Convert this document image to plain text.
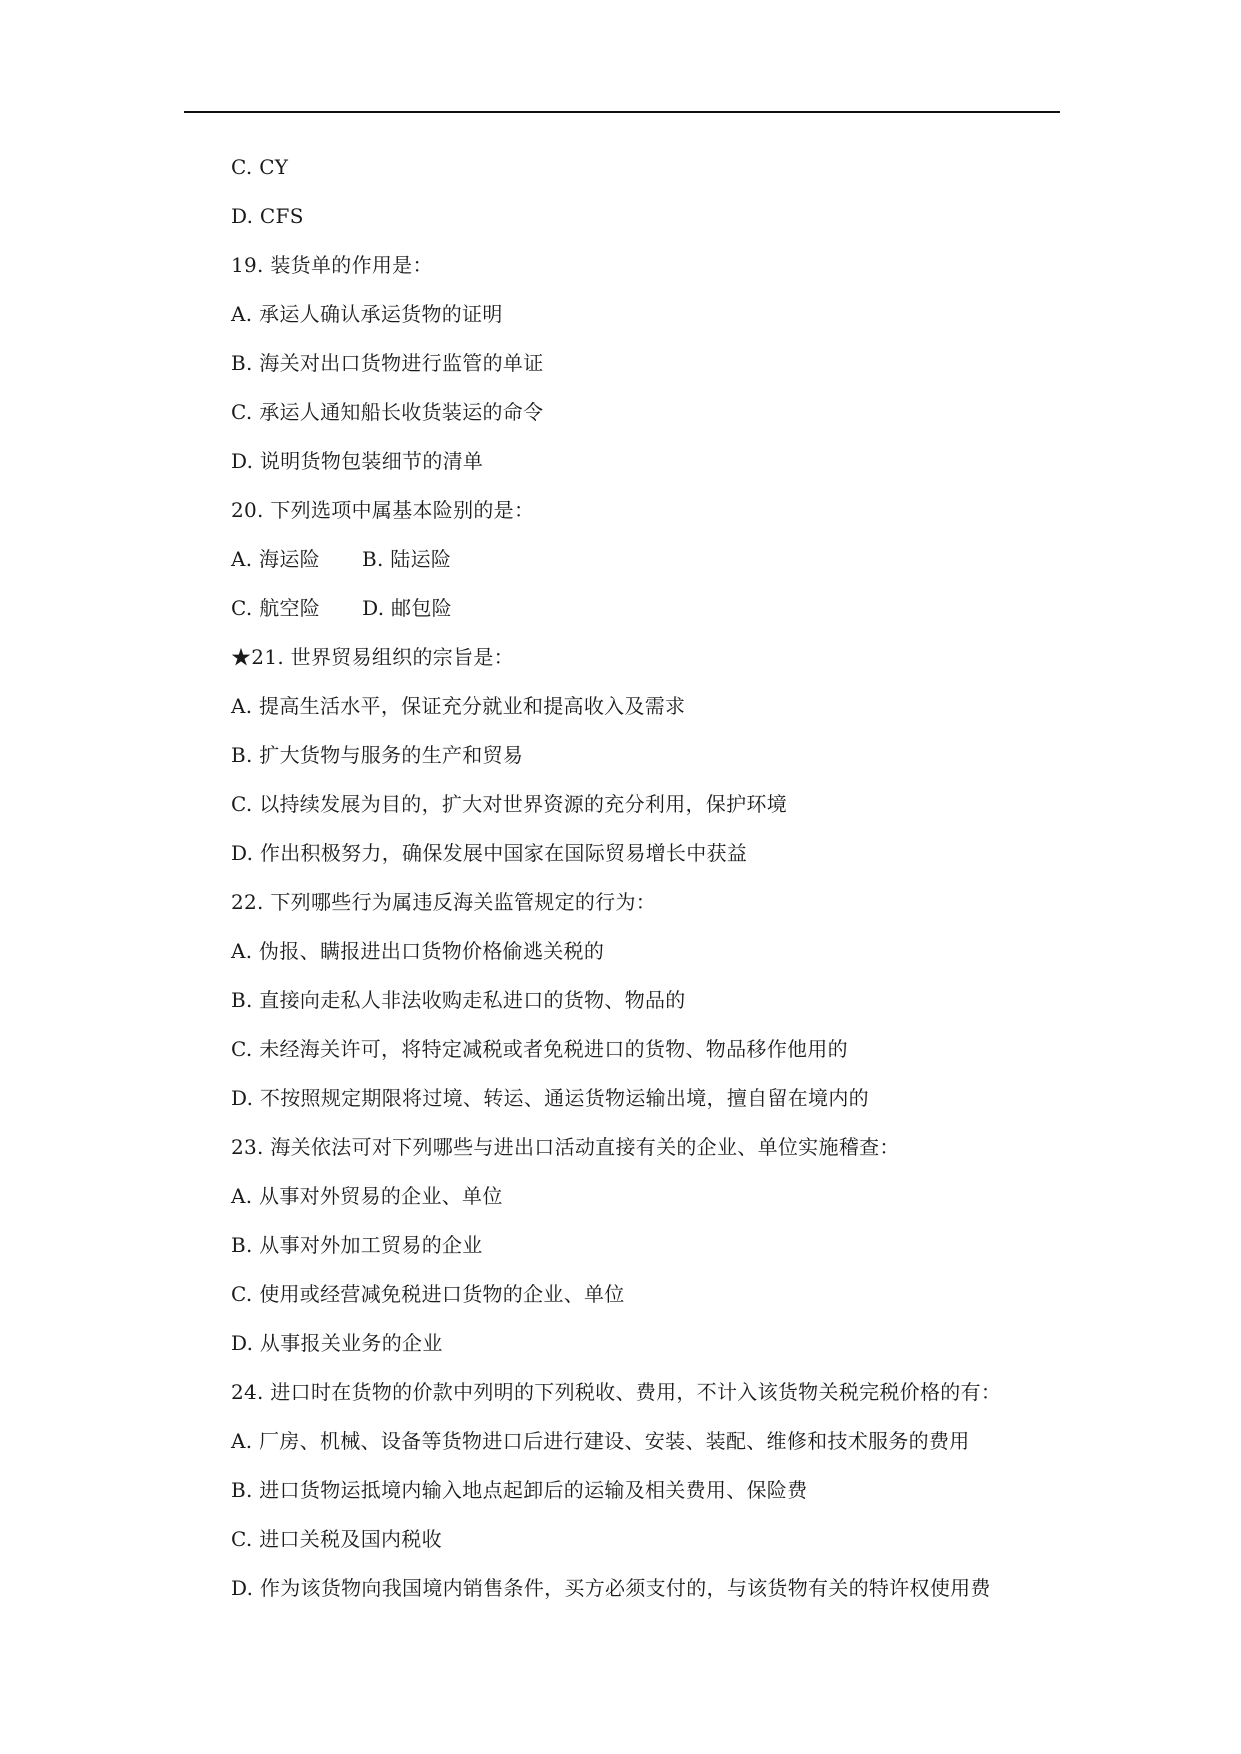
C. CY
D. CFS
19. 装货单的作用是：
A. 承运人确认承运货物的证明
B. 海关对出口货物进行监管的单证
C. 承运人通知船长收货装运的命令
D. 说明货物包装细节的清单
20. 下列选项中属基本险别的是：
A. 海运险 B. 陆运险
C. 航空险 D. 邮包险
★21. 世界贸易组织的宗旨是：
A. 提高生活水平，保证充分就业和提高收入及需求
B. 扩大货物与服务的生产和贸易
C. 以持续发展为目的，扩大对世界资源的充分利用，保护环境
D. 作出积极努力，确保发展中国家在国际贸易增长中获益
22. 下列哪些行为属违反海关监管规定的行为：
A. 伪报、瞒报进出口货物价格偷逃关税的
B. 直接向走私人非法收购走私进口的货物、物品的
C. 未经海关许可，将特定减税或者免税进口的货物、物品移作他用的
D. 不按照规定期限将过境、转运、通运货物运输出境，擅自留在境内的
23. 海关依法可对下列哪些与进出口活动直接有关的企业、单位实施稽查：
A. 从事对外贸易的企业、单位
B. 从事对外加工贸易的企业
C. 使用或经营减免税进口货物的企业、单位
D. 从事报关业务的企业
24. 进口时在货物的价款中列明的下列税收、费用，不计入该货物关税完税价格的有：
A. 厂房、机械、设备等货物进口后进行建设、安装、装配、维修和技术服务的费用
B. 进口货物运抵境内输入地点起卸后的运输及相关费用、保险费
C. 进口关税及国内税收
D. 作为该货物向我国境内销售条件，买方必须支付的，与该货物有关的特许权使用费
